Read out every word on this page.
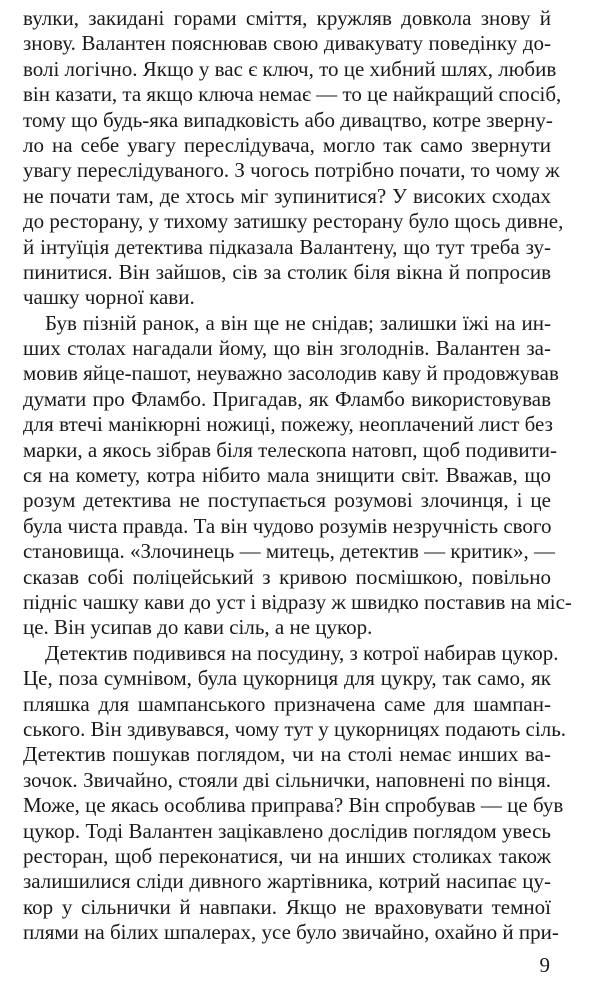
вулки, закидані горами сміття, кружляв довкола знову й
знову. Валантен пояснював свою дивакувату поведінку до-
волі логічно. Якщо у вас є ключ, то це хибний шлях, любив
він казати, та якщо ключа немає — то це найкращий спосіб,
тому що будь-яка випадковість або дивацтво, котре зверну-
ло на себе увагу переслідувача, могло так само звернути
увагу переслідуваного. З чогось потрібно почати, то чому ж
не почати там, де хтось міг зупинитися? У високих сходах
до ресторану, у тихому затишку ресторану було щось дивне,
й інтуїція детектива підказала Валантену, що тут треба зу-
пинитися. Він зайшов, сів за столик біля вікна й попросив
чашку чорної кави.
Був пізній ранок, а він ще не снідав; залишки їжі на ин-
ших столах нагадали йому, що він зголоднів. Валантен за-
мовив яйце-пашот, неуважно засолодив каву й продовжував
думати про Фламбо. Пригадав, як Фламбо використовував
для втечі манікюрні ножиці, пожежу, неоплачений лист без
марки, а якось зібрав біля телескопа натовп, щоб подивити-
ся на комету, котра нібито мала знищити світ. Вважав, що
розум детектива не поступається розумові злочинця, і це
була чиста правда. Та він чудово розумів незручність свого
становища. «Злочинець — митець, детектив — критик», —
сказав собі поліцейський з кривою посмішкою, повільно
підніс чашку кави до уст і відразу ж швидко поставив на міс-
це. Він усипав до кави сіль, а не цукор.
Детектив подивився на посудину, з котрої набирав цукор.
Це, поза сумнівом, була цукорниця для цукру, так само, як
пляшка для шампанського призначена саме для шампан-
ського. Він здивувався, чому тут у цукорницях подають сіль.
Детектив пошукав поглядом, чи на столі немає инших ва-
зочок. Звичайно, стояли дві сільнички, наповнені по вінця.
Може, це якась особлива приправа? Він спробував — це був
цукор. Тоді Валантен зацікавлено дослідив поглядом увесь
ресторан, щоб переконатися, чи на инших столиках також
залишилися сліди дивного жартівника, котрий насипає цу-
кор у сільнички й навпаки. Якщо не враховувати темної
плями на білих шпалерах, усе було звичайно, охайно й при-
9
